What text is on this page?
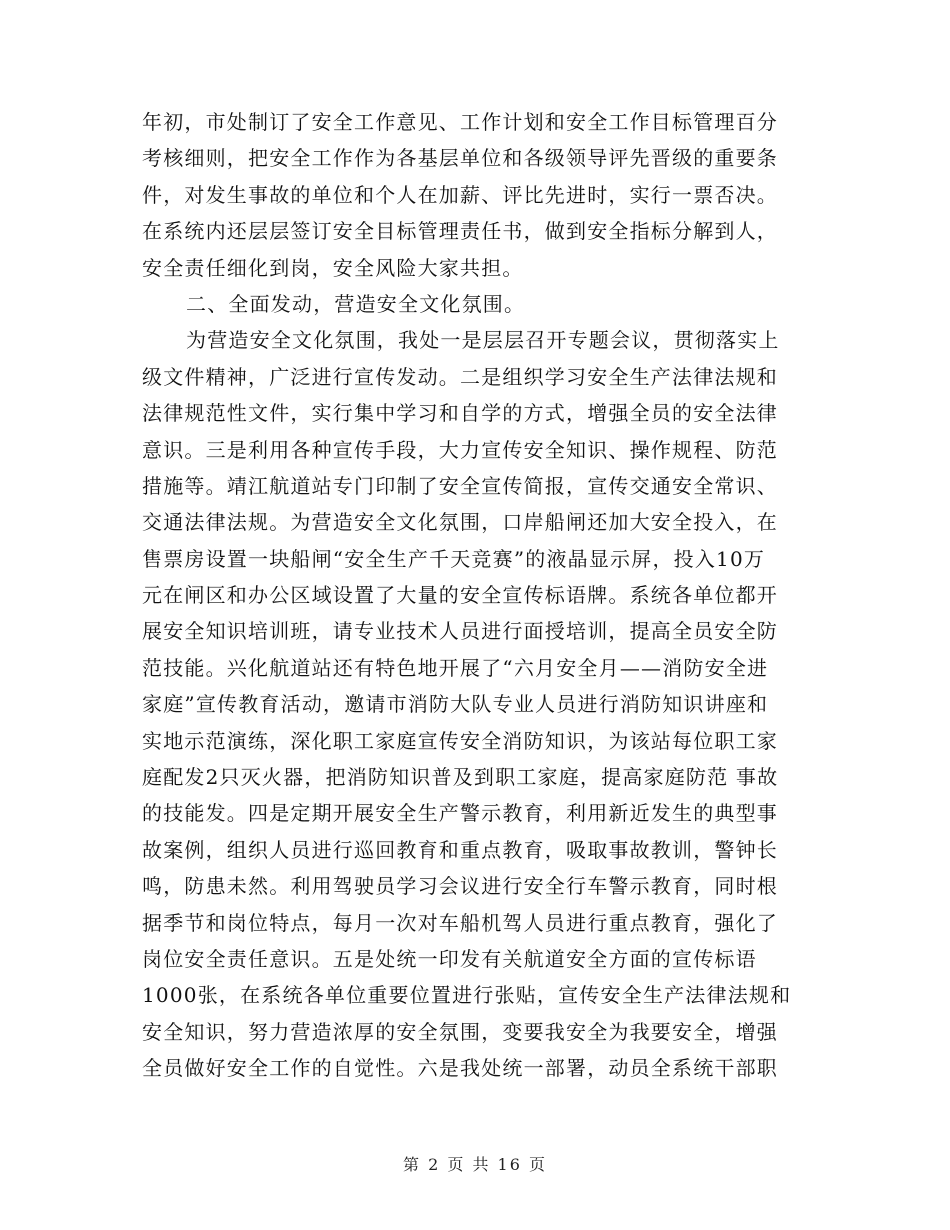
年初，市处制订了安全工作意见、工作计划和安全工作目标管理百分
考核细则，把安全工作作为各基层单位和各级领导评先晋级的重要条
件，对发生事故的单位和个人在加薪、评比先进时，实行一票否决。
在系统内还层层签订安全目标管理责任书，做到安全指标分解到人，
安全责任细化到岗，安全风险大家共担。
二、全面发动，营造安全文化氛围。
为营造安全文化氛围，我处一是层层召开专题会议，贯彻落实上
级文件精神，广泛进行宣传发动。二是组织学习安全生产法律法规和
法律规范性文件，实行集中学习和自学的方式，增强全员的安全法律
意识。三是利用各种宣传手段，大力宣传安全知识、操作规程、防范
措施等。靖江航道站专门印制了安全宣传简报，宣传交通安全常识、
交通法律法规。为营造安全文化氛围，口岸船闸还加大安全投入，在
售票房设置一块船闸“安全生产千天竞赛”的液晶显示屏，投入10万
元在闸区和办公区域设置了大量的安全宣传标语牌。系统各单位都开
展安全知识培训班，请专业技术人员进行面授培训，提高全员安全防
范技能。兴化航道站还有特色地开展了“六月安全月——消防安全进
家庭”宣传教育活动，邀请市消防大队专业人员进行消防知识讲座和
实地示范演练，深化职工家庭宣传安全消防知识，为该站每位职工家
庭配发2只灭火器，把消防知识普及到职工家庭，提高家庭防范 事故
的技能发。四是定期开展安全生产警示教育，利用新近发生的典型事
故案例，组织人员进行巡回教育和重点教育，吸取事故教训，警钟长
鸣，防患未然。利用驾驶员学习会议进行安全行车警示教育，同时根
据季节和岗位特点，每月一次对车船机驾人员进行重点教育，强化了
岗位安全责任意识。五是处统一印发有关航道安全方面的宣传标语
1000张，在系统各单位重要位置进行张贴，宣传安全生产法律法规和
安全知识，努力营造浓厚的安全氛围，变要我安全为我要安全，增强
全员做好安全工作的自觉性。六是我处统一部署，动员全系统干部职
第 2 页 共 16 页
